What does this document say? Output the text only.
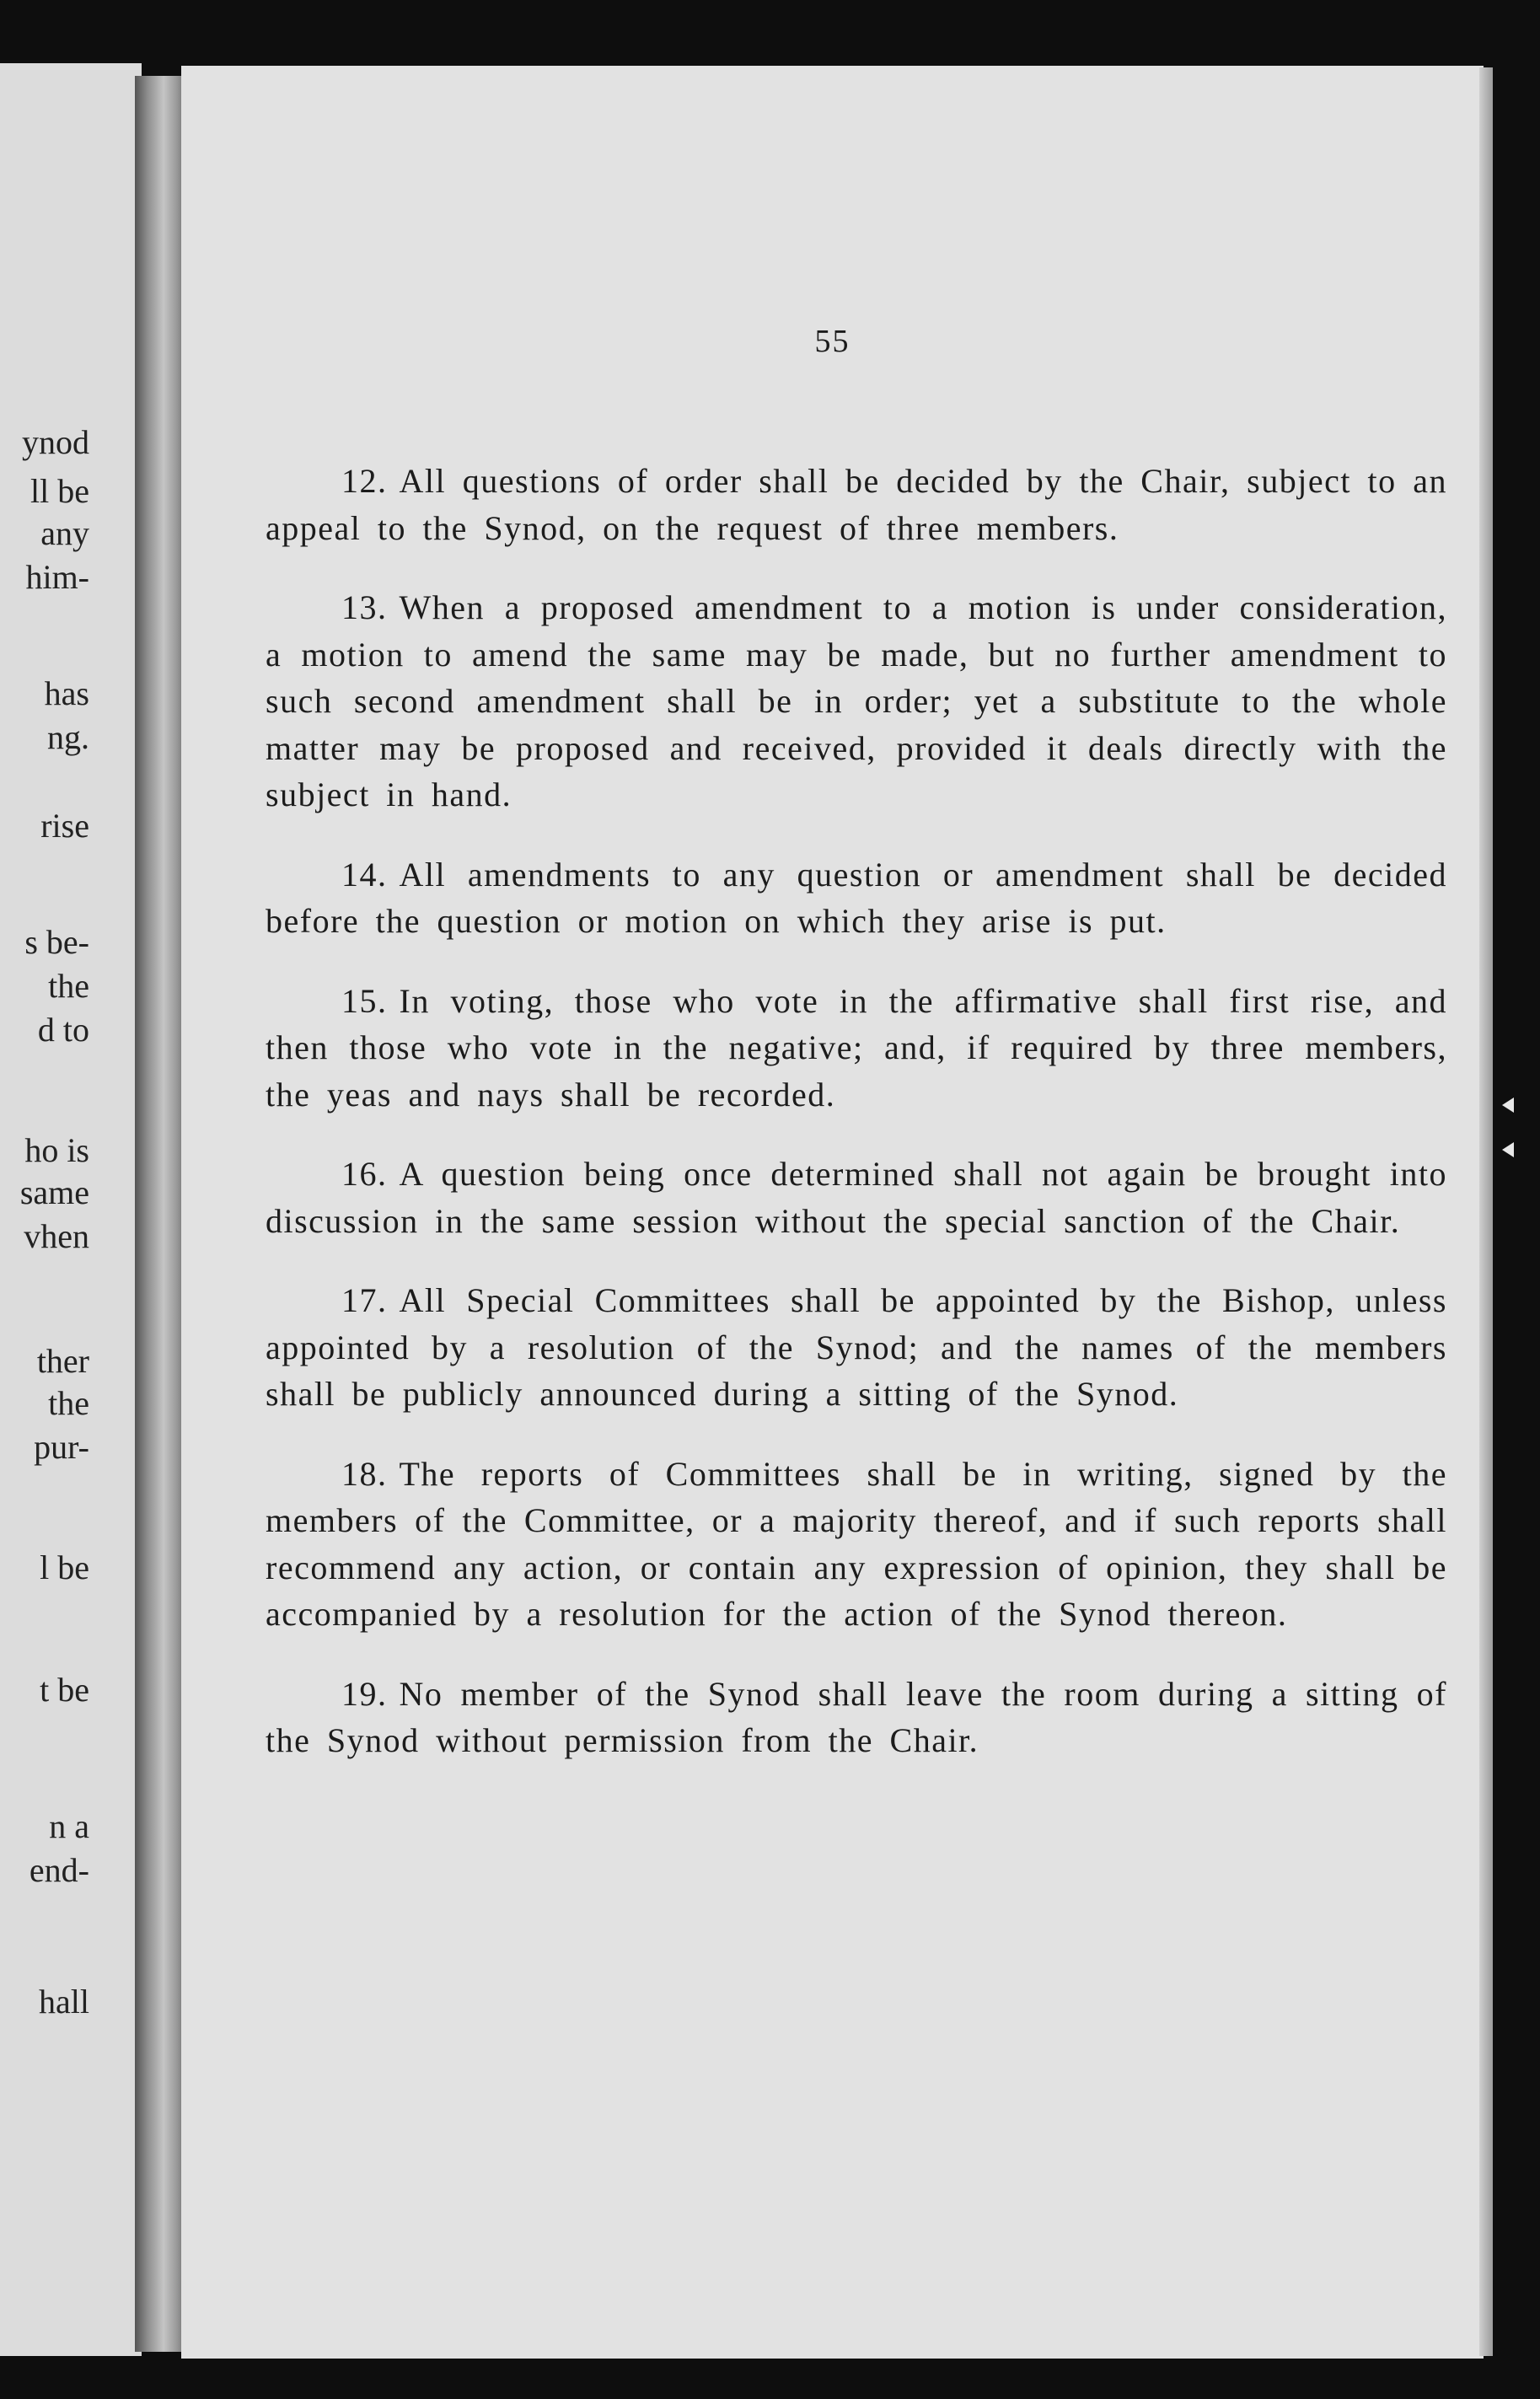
ynod
ll be
any
him-
has
ng.
rise
s be-
the
d to
ho is
same
vhen
ther
the
pur-
l be
t be
n a
end-
hall
55

12. All questions of order shall be decided by the Chair, subject to an appeal to the Synod, on the request of three members.

13. When a proposed amendment to a motion is under consideration, a motion to amend the same may be made, but no further amendment to such second amendment shall be in order; yet a substitute to the whole matter may be proposed and received, provided it deals directly with the subject in hand.

14. All amendments to any question or amendment shall be decided before the question or motion on which they arise is put.

15. In voting, those who vote in the affirmative shall first rise, and then those who vote in the negative; and, if required by three members, the yeas and nays shall be recorded.

16. A question being once determined shall not again be brought into discussion in the same session without the special sanction of the Chair.

17. All Special Committees shall be appointed by the Bishop, unless appointed by a resolution of the Synod; and the names of the members shall be publicly announced during a sitting of the Synod.

18. The reports of Committees shall be in writing, signed by the members of the Committee, or a majority thereof, and if such reports shall recommend any action, or contain any expression of opinion, they shall be accompanied by a resolution for the action of the Synod thereon.

19. No member of the Synod shall leave the room during a sitting of the Synod without permission from the Chair.
